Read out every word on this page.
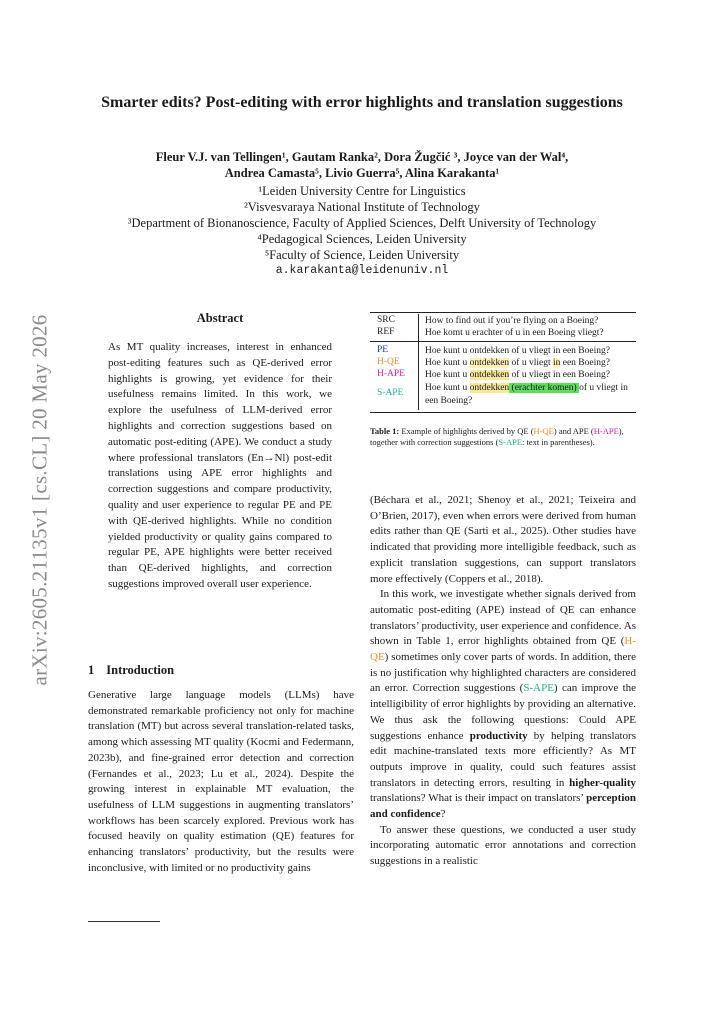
arXiv:2605.21135v1 [cs.CL] 20 May 2026
Smarter edits? Post-editing with error highlights and translation suggestions
Fleur V.J. van Tellingen¹, Gautam Ranka², Dora Žugčić ³, Joyce van der Wal⁴,
Andrea Camasta⁵, Livio Guerra⁵, Alina Karakanta¹
¹Leiden University Centre for Linguistics
²Visvesvaraya National Institute of Technology
³Department of Bionanoscience, Faculty of Applied Sciences, Delft University of Technology
⁴Pedagogical Sciences, Leiden University
⁵Faculty of Science, Leiden University
a.karakanta@leidenuniv.nl
Abstract
As MT quality increases, interest in enhanced post-editing features such as QE-derived error highlights is growing, yet evidence for their usefulness remains limited. In this work, we explore the usefulness of LLM-derived error highlights and correction suggestions based on automatic post-editing (APE). We conduct a study where professional translators (En→Nl) post-edit translations using APE error highlights and correction suggestions and compare productivity, quality and user experience to regular PE and PE with QE-derived highlights. While no condition yielded productivity or quality gains compared to regular PE, APE highlights were better received than QE-derived highlights, and correction suggestions improved overall user experience.
1 Introduction
Generative large language models (LLMs) have demonstrated remarkable proficiency not only for machine translation (MT) but across several translation-related tasks, among which assessing MT quality (Kocmi and Federmann, 2023b), and fine-grained error detection and correction (Fernandes et al., 2023; Lu et al., 2024). Despite the growing interest in explainable MT evaluation, the usefulness of LLM suggestions in augmenting translators’ workflows has been scarcely explored. Previous work has focused heavily on quality estimation (QE) features for enhancing translators’ productivity, but the results were inconclusive, with limited or no productivity gains
SRC	How to find out if you’re flying on a Boeing?
REF	Hoe komt u erachter of u in een Boeing vliegt?
PE	Hoe kunt u ontdekken of u vliegt in een Boeing?
H-QE	Hoe kunt u ontdekken of u vliegt in een Boeing?
H-APE Hoe kunt u ontdekken of u vliegt in een Boeing?
S-APE Hoe kunt u ontdekken (erachter komen) of u vliegt in een Boeing?
Table 1: Example of highlights derived by QE (H-QE) and APE (H-APE), together with correction suggestions (S-APE: text in parentheses).

(Béchara et al., 2021; Shenoy et al., 2021; Teixeira and O’Brien, 2017), even when errors were derived from human edits rather than QE (Sarti et al., 2025). Other studies have indicated that providing more intelligible feedback, such as explicit translation suggestions, can support translators more effectively (Coppers et al., 2018).

In this work, we investigate whether signals derived from automatic post-editing (APE) instead of QE can enhance translators’ productivity, user experience and confidence. As shown in Table 1, error highlights obtained from QE (H-QE) sometimes only cover parts of words. In addition, there is no justification why highlighted characters are considered an error. Correction suggestions (S-APE) can improve the intelligibility of error highlights by providing an alternative. We thus ask the following questions: Could APE suggestions enhance productivity by helping translators edit machine-translated texts more efficiently? As MT outputs improve in quality, could such features assist translators in detecting errors, resulting in higher-quality translations? What is their impact on translators’ perception and confidence?

To answer these questions, we conducted a user study incorporating automatic error annotations and correction suggestions in a realistic
